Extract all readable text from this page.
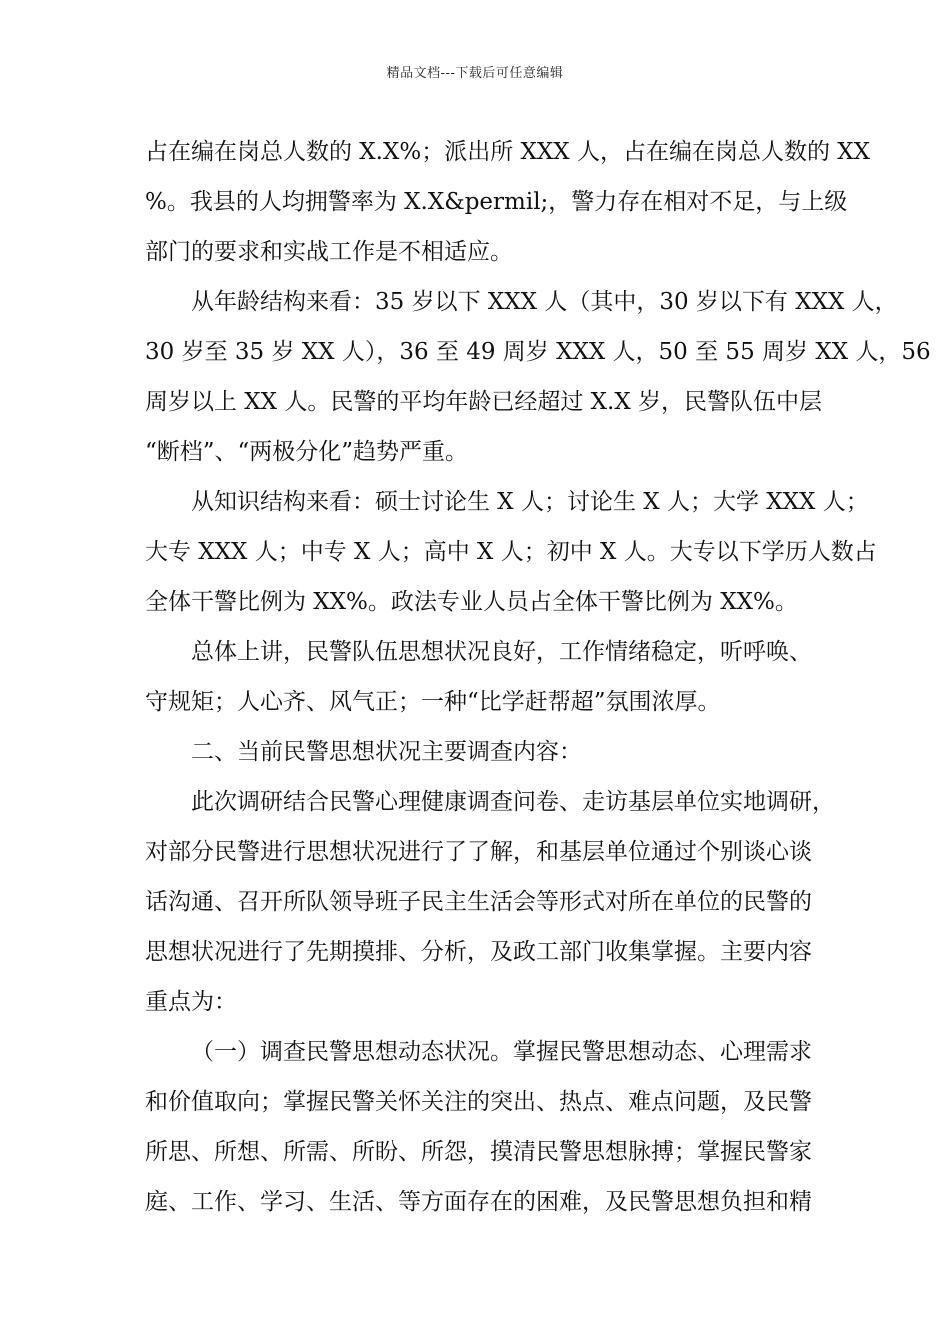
精品文档---下载后可任意编辑

占在编在岗总人数的 X.X%；派出所 XXX 人，占在编在岗总人数的 XX
%。我县的人均拥警率为 X.X&permil;，警力存在相对不足，与上级
部门的要求和实战工作是不相适应。

从年龄结构来看：35 岁以下 XXX 人（其中，30 岁以下有 XXX 人，
30 岁至 35 岁 XX 人），36 至 49 周岁 XXX 人，50 至 55 周岁 XX 人，56
周岁以上 XX 人。民警的平均年龄已经超过 X.X 岁，民警队伍中层
“断档”、“两极分化”趋势严重。

从知识结构来看：硕士讨论生 X 人；讨论生 X 人；大学 XXX 人；
大专 XXX 人；中专 X 人；高中 X 人；初中 X 人。大专以下学历人数占
全体干警比例为 XX%。政法专业人员占全体干警比例为 XX%。

总体上讲，民警队伍思想状况良好，工作情绪稳定，听呼唤、
守规矩；人心齐、风气正；一种“比学赶帮超”氛围浓厚。

二、当前民警思想状况主要调查内容：

此次调研结合民警心理健康调查问卷、走访基层单位实地调研，
对部分民警进行思想状况进行了了解，和基层单位通过个别谈心谈
话沟通、召开所队领导班子民主生活会等形式对所在单位的民警的
思想状况进行了先期摸排、分析，及政工部门收集掌握。主要内容
重点为：

（一）调查民警思想动态状况。掌握民警思想动态、心理需求
和价值取向；掌握民警关怀关注的突出、热点、难点问题，及民警
所思、所想、所需、所盼、所怨，摸清民警思想脉搏；掌握民警家
庭、工作、学习、生活、等方面存在的困难，及民警思想负担和精
